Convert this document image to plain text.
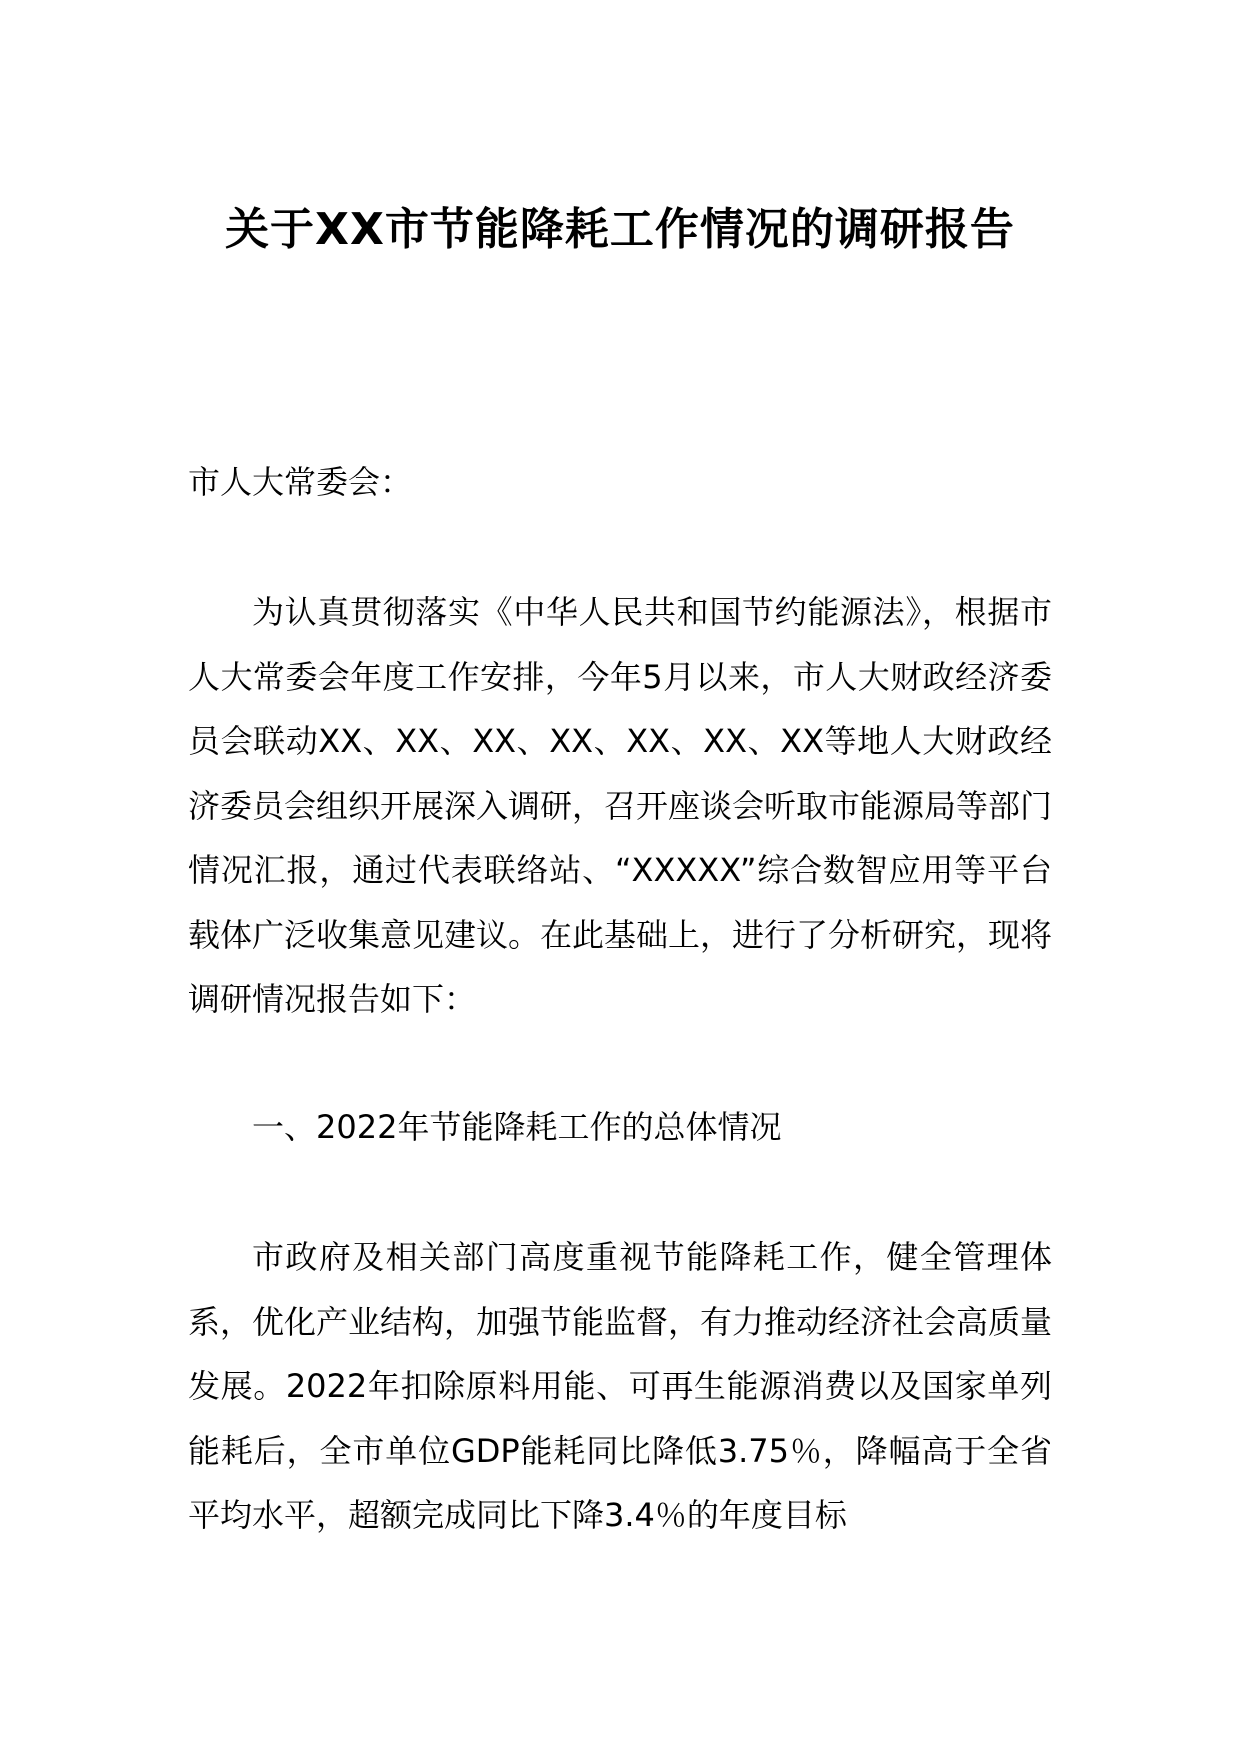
关于XX市节能降耗工作情况的调研报告

市人大常委会：

为认真贯彻落实《中华人民共和国节约能源法》，根据市人大常委会年度工作安排，今年5月以来，市人大财政经济委员会联动XX、XX、XX、XX、XX、XX、XX等地人大财政经济委员会组织开展深入调研，召开座谈会听取市能源局等部门情况汇报，通过代表联络站、“XXXXX”综合数智应用等平台载体广泛收集意见建议。在此基础上，进行了分析研究，现将调研情况报告如下：

一、2022年节能降耗工作的总体情况

市政府及相关部门高度重视节能降耗工作，健全管理体系，优化产业结构，加强节能监督，有力推动经济社会高质量发展。2022年扣除原料用能、可再生能源消费以及国家单列能耗后，全市单位GDP能耗同比降低3.75％，降幅高于全省平均水平，超额完成同比下降3.4％的年度目标
